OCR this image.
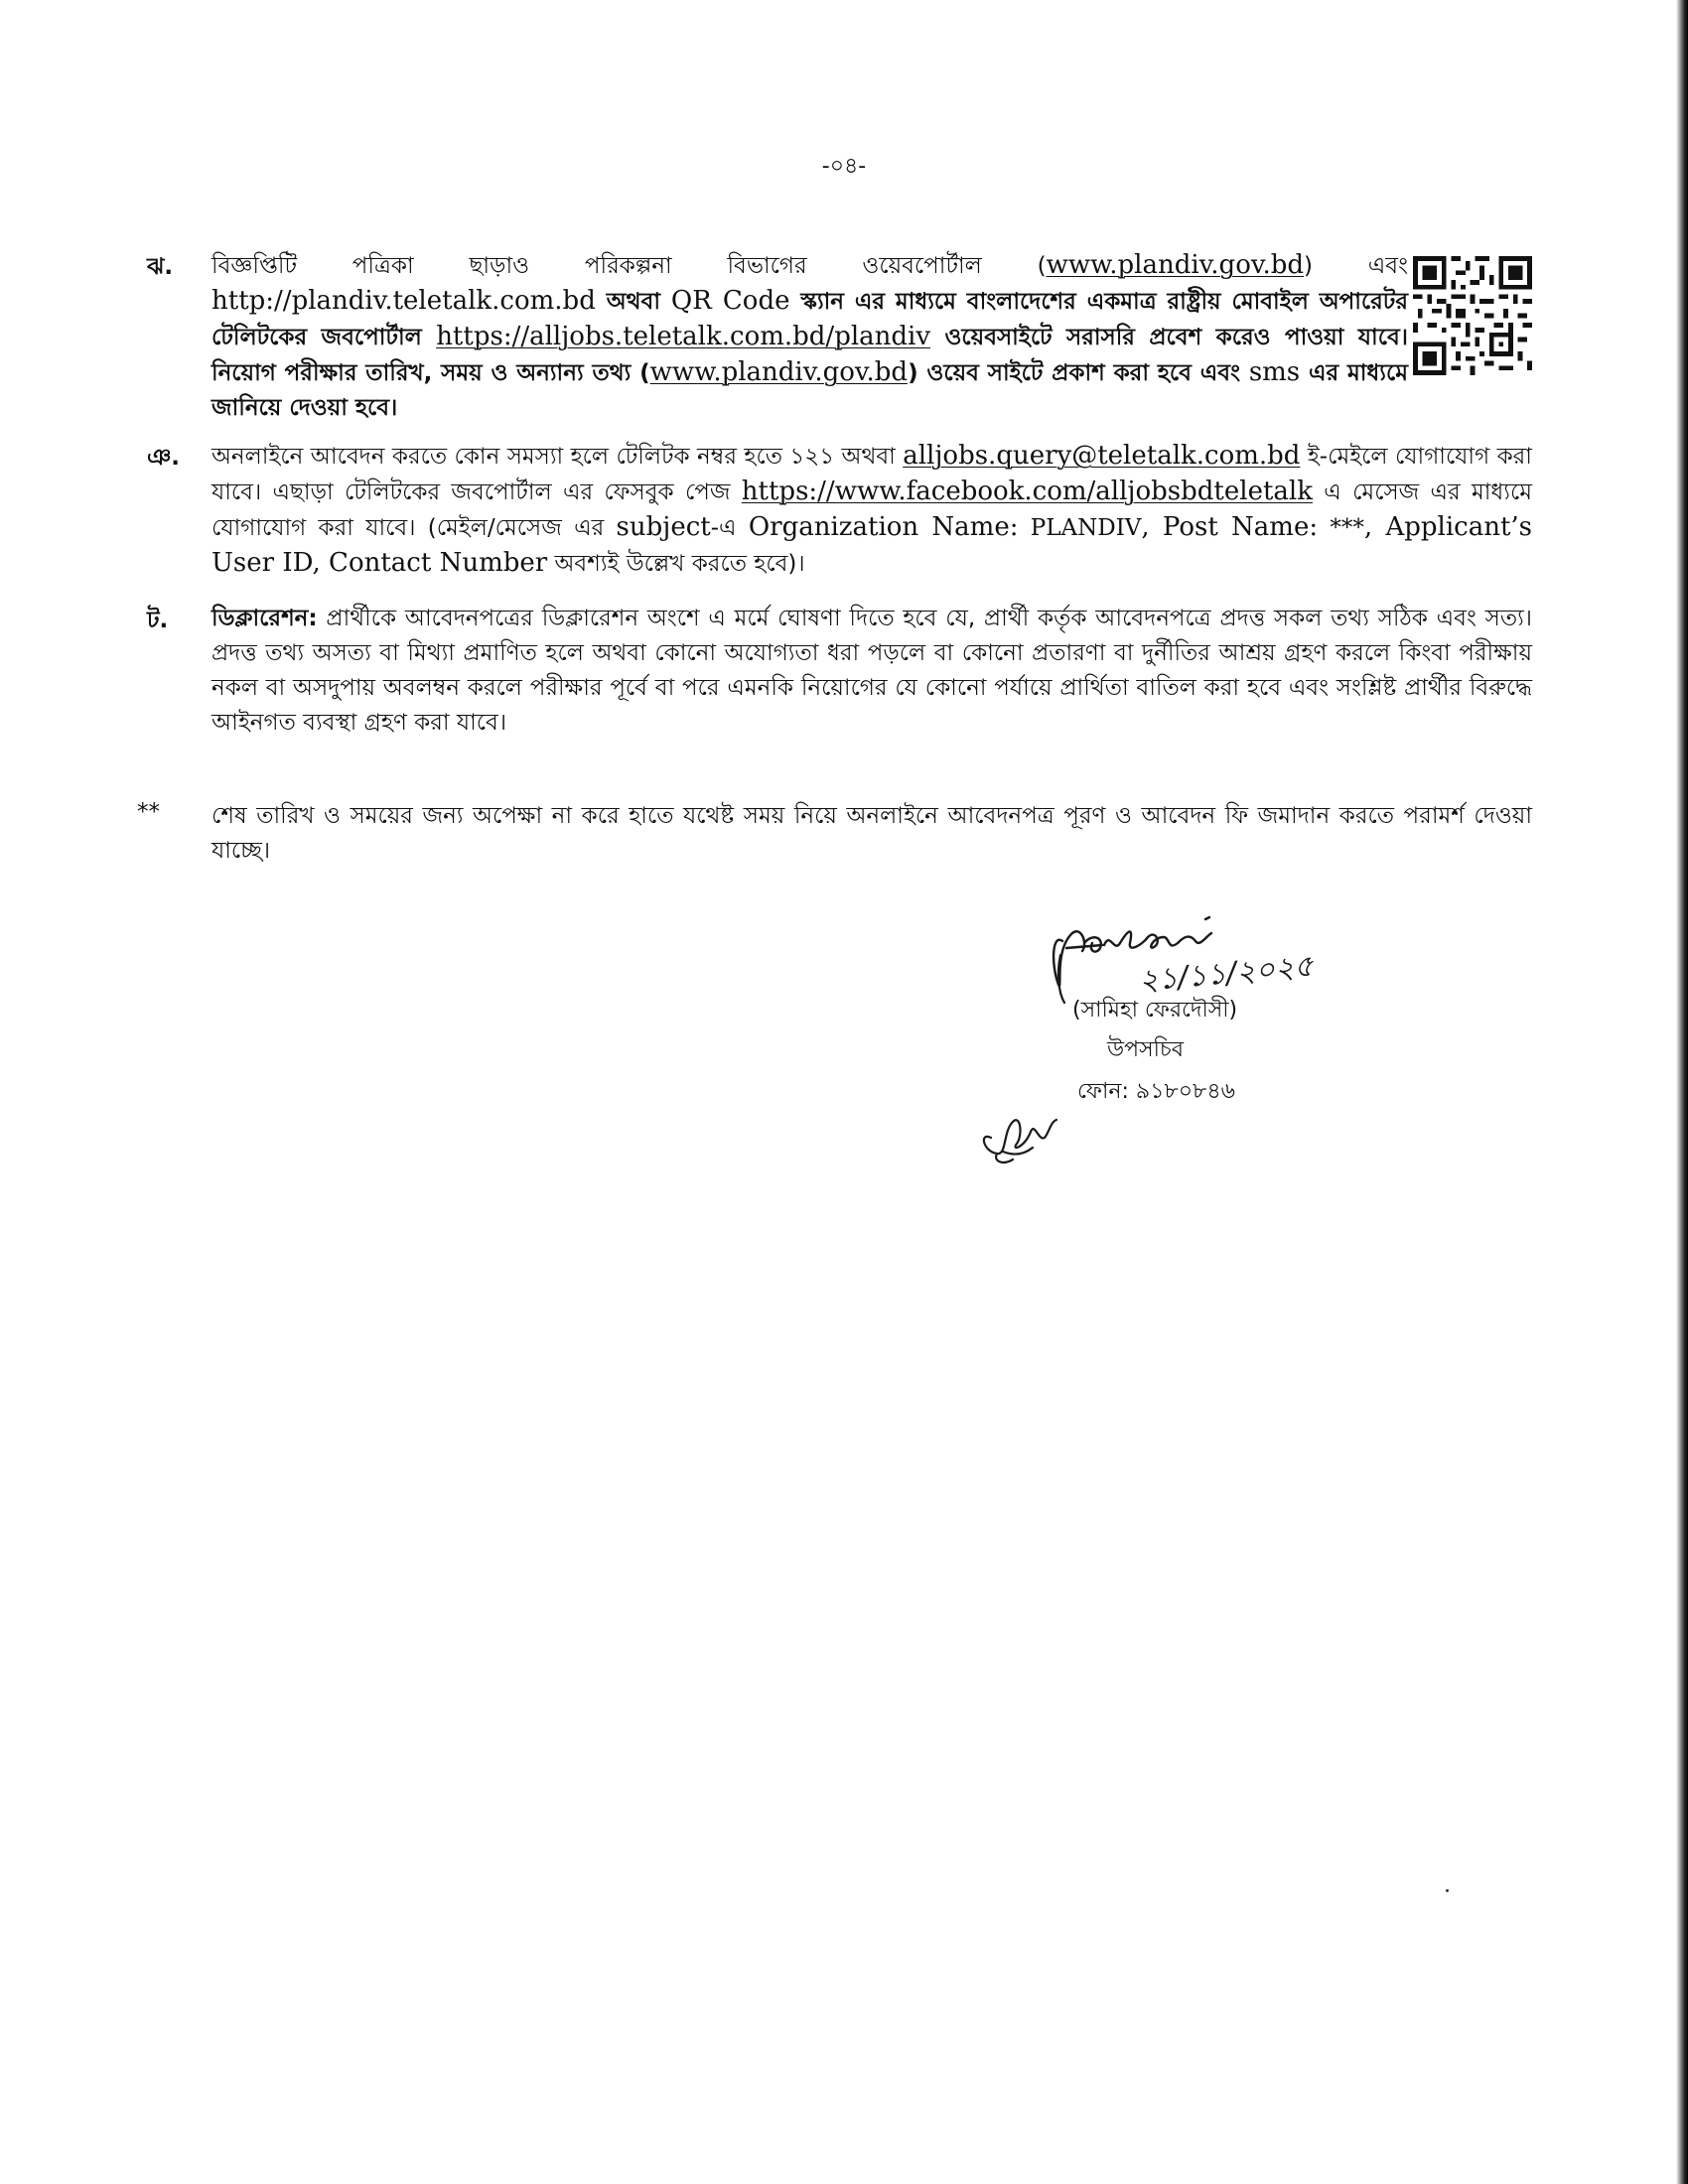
-০৪-
ঝ. বিজ্ঞপ্তিটি পত্রিকা ছাড়াও পরিকল্পনা বিভাগের ওয়েবপোর্টাল (www.plandiv.gov.bd) এবং http://plandiv.teletalk.com.bd অথবা QR Code স্ক্যান এর মাধ্যমে বাংলাদেশের একমাত্র রাষ্ট্রীয় মোবাইল অপারেটর টেলিটকের জবপোর্টাল https://alljobs.teletalk.com.bd/plandiv ওয়েবসাইটে সরাসরি প্রবেশ করেও পাওয়া যাবে। নিয়োগ পরীক্ষার তারিখ, সময় ও অন্যান্য তথ্য (www.plandiv.gov.bd) ওয়েব সাইটে প্রকাশ করা হবে এবং sms এর মাধ্যমে জানিয়ে দেওয়া হবে।
ঞ. অনলাইনে আবেদন করতে কোন সমস্যা হলে টেলিটক নম্বর হতে ১২১ অথবা alljobs.query@teletalk.com.bd ই-মেইলে যোগাযোগ করা যাবে। এছাড়া টেলিটকের জবপোর্টাল এর ফেসবুক পেজ https://www.facebook.com/alljobsbdteletalk এ মেসেজ এর মাধ্যমে যোগাযোগ করা যাবে। (মেইল/মেসেজ এর subject-এ Organization Name: PLANDIV, Post Name: ***, Applicant’s User ID, Contact Number অবশ্যই উল্লেখ করতে হবে)।
ট. ডিক্লারেশন: প্রার্থীকে আবেদনপত্রের ডিক্লারেশন অংশে এ মর্মে ঘোষণা দিতে হবে যে, প্রার্থী কর্তৃক আবেদনপত্রে প্রদত্ত সকল তথ্য সঠিক এবং সত্য। প্রদত্ত তথ্য অসত্য বা মিথ্যা প্রমাণিত হলে অথবা কোনো অযোগ্যতা ধরা পড়লে বা কোনো প্রতারণা বা দুর্নীতির আশ্রয় গ্রহণ করলে কিংবা পরীক্ষায় নকল বা অসদুপায় অবলম্বন করলে পরীক্ষার পূর্বে বা পরে এমনকি নিয়োগের যে কোনো পর্যায়ে প্রার্থিতা বাতিল করা হবে এবং সংশ্লিষ্ট প্রার্থীর বিরুদ্ধে আইনগত ব্যবস্থা গ্রহণ করা যাবে।
** শেষ তারিখ ও সময়ের জন্য অপেক্ষা না করে হাতে যথেষ্ট সময় নিয়ে অনলাইনে আবেদনপত্র পূরণ ও আবেদন ফি জমাদান করতে পরামর্শ দেওয়া যাচ্ছে।
২১/১১/২০২৫
(সামিহা ফেরদৌসী)
উপসচিব
ফোন: ৯১৮০৮৪৬
